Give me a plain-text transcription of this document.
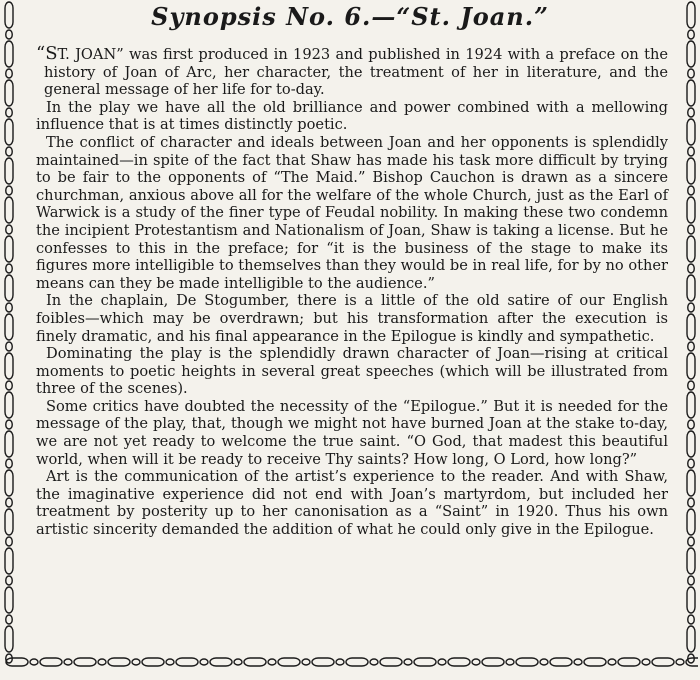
Synopsis No. 6.—“St. Joan.”

“ST. JOAN” was first produced in 1923 and published in 1924 with a preface on the history of Joan of Arc, her character, the treatment of her in literature, and the general message of her life for to-day.

In the play we have all the old brilliance and power combined with a mellowing influence that is at times distinctly poetic.

The conflict of character and ideals between Joan and her opponents is splendidly maintained—in spite of the fact that Shaw has made his task more difficult by trying to be fair to the opponents of “The Maid.” Bishop Cauchon is drawn as a sincere churchman, anxious above all for the welfare of the whole Church, just as the Earl of Warwick is a study of the finer type of Feudal nobility. In making these two condemn the incipient Protestantism and Nationalism of Joan, Shaw is taking a license. But he confesses to this in the preface; for “it is the business of the stage to make its figures more intelligible to themselves than they would be in real life, for by no other means can they be made intelligible to the audience.”

In the chaplain, De Stogumber, there is a little of the old satire of our English foibles—which may be overdrawn; but his transformation after the execution is finely dramatic, and his final appearance in the Epilogue is kindly and sympathetic.

Dominating the play is the splendidly drawn character of Joan—rising at critical moments to poetic heights in several great speeches (which will be illustrated from three of the scenes).

Some critics have doubted the necessity of the “Epilogue.” But it is needed for the message of the play, that, though we might not have burned Joan at the stake to-day, we are not yet ready to welcome the true saint. “O God, that madest this beautiful world, when will it be ready to receive Thy saints? How long, O Lord, how long?”

Art is the communication of the artist’s experience to the reader. And with Shaw, the imaginative experience did not end with Joan’s martyrdom, but included her treatment by posterity up to her canonisation as a “Saint” in 1920. Thus his own artistic sincerity demanded the addition of what he could only give in the Epilogue.
